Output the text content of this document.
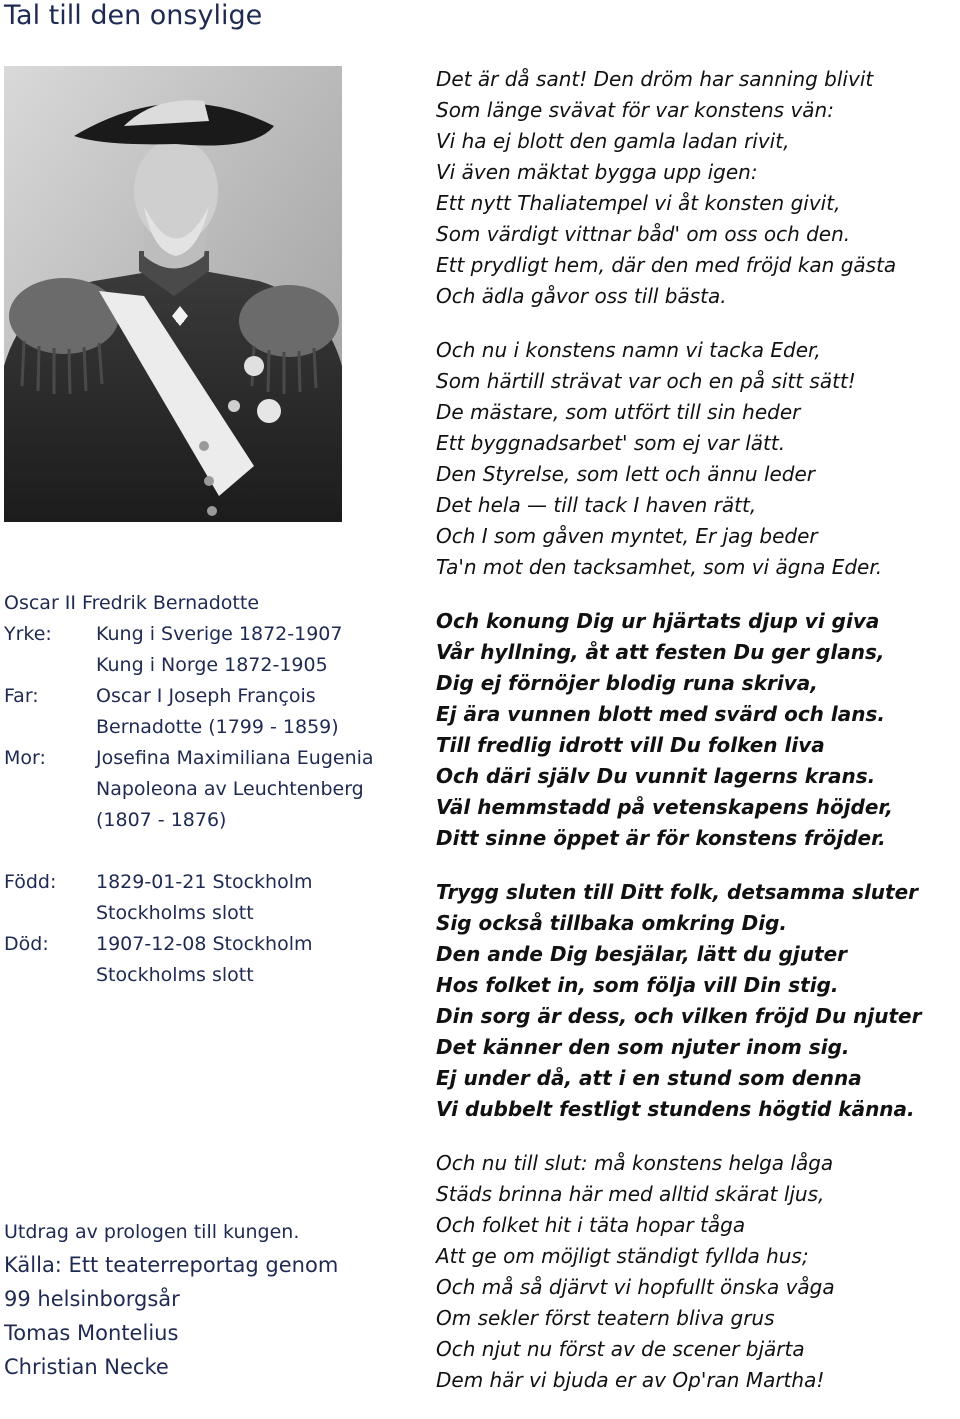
Tal till den onsylige
Oscar II Fredrik Bernadotte
Yrke:	Kung i Sverige 1872-1907
Kung i Norge 1872-1905
Far:	Oscar I Joseph François
Bernadotte (1799 - 1859)
Mor:	Josefina Maximiliana Eugenia
Napoleona av Leuchtenberg
(1807 - 1876)
Född:	1829-01-21 Stockholm
Stockholms slott
Död:	1907-12-08 Stockholm
Stockholms slott
Utdrag av prologen till kungen.
Källa: Ett teaterreportag genom
99 helsinborgsår
Tomas Montelius
Christian Necke
Det är då sant! Den dröm har sanning blivit
Som länge svävat för var konstens vän:
Vi ha ej blott den gamla ladan rivit,
Vi även mäktat bygga upp igen:
Ett nytt Thaliatempel vi åt konsten givit,
Som värdigt vittnar båd' om oss och den.
Ett prydligt hem, där den med fröjd kan gästa
Och ädla gåvor oss till bästa.
Och nu i konstens namn vi tacka Eder,
Som härtill strävat var och en på sitt sätt!
De mästare, som utfört till sin heder
Ett byggnadsarbet' som ej var lätt.
Den Styrelse, som lett och ännu leder
Det hela — till tack I haven rätt,
Och I som gåven myntet, Er jag beder
Ta'n mot den tacksamhet, som vi ägna Eder.
Och konung Dig ur hjärtats djup vi giva
Vår hyllning, åt att festen Du ger glans,
Dig ej förnöjer blodig runa skriva,
Ej ära vunnen blott med svärd och lans.
Till fredlig idrott vill Du folken liva
Och däri själv Du vunnit lagerns krans.
Väl hemmstadd på vetenskapens höjder,
Ditt sinne öppet är för konstens fröjder.
Trygg sluten till Ditt folk, detsamma sluter
Sig också tillbaka omkring Dig.
Den ande Dig besjälar, lätt du gjuter
Hos folket in, som följa vill Din stig.
Din sorg är dess, och vilken fröjd Du njuter
Det känner den som njuter inom sig.
Ej under då, att i en stund som denna
Vi dubbelt festligt stundens högtid känna.
Och nu till slut: må konstens helga låga
Städs brinna här med alltid skärat ljus,
Och folket hit i täta hopar tåga
Att ge om möjligt ständigt fyllda hus;
Och må så djärvt vi hopfullt önska våga
Om sekler först teatern bliva grus
Och njut nu först av de scener bjärta
Dem här vi bjuda er av Op'ran Martha!
